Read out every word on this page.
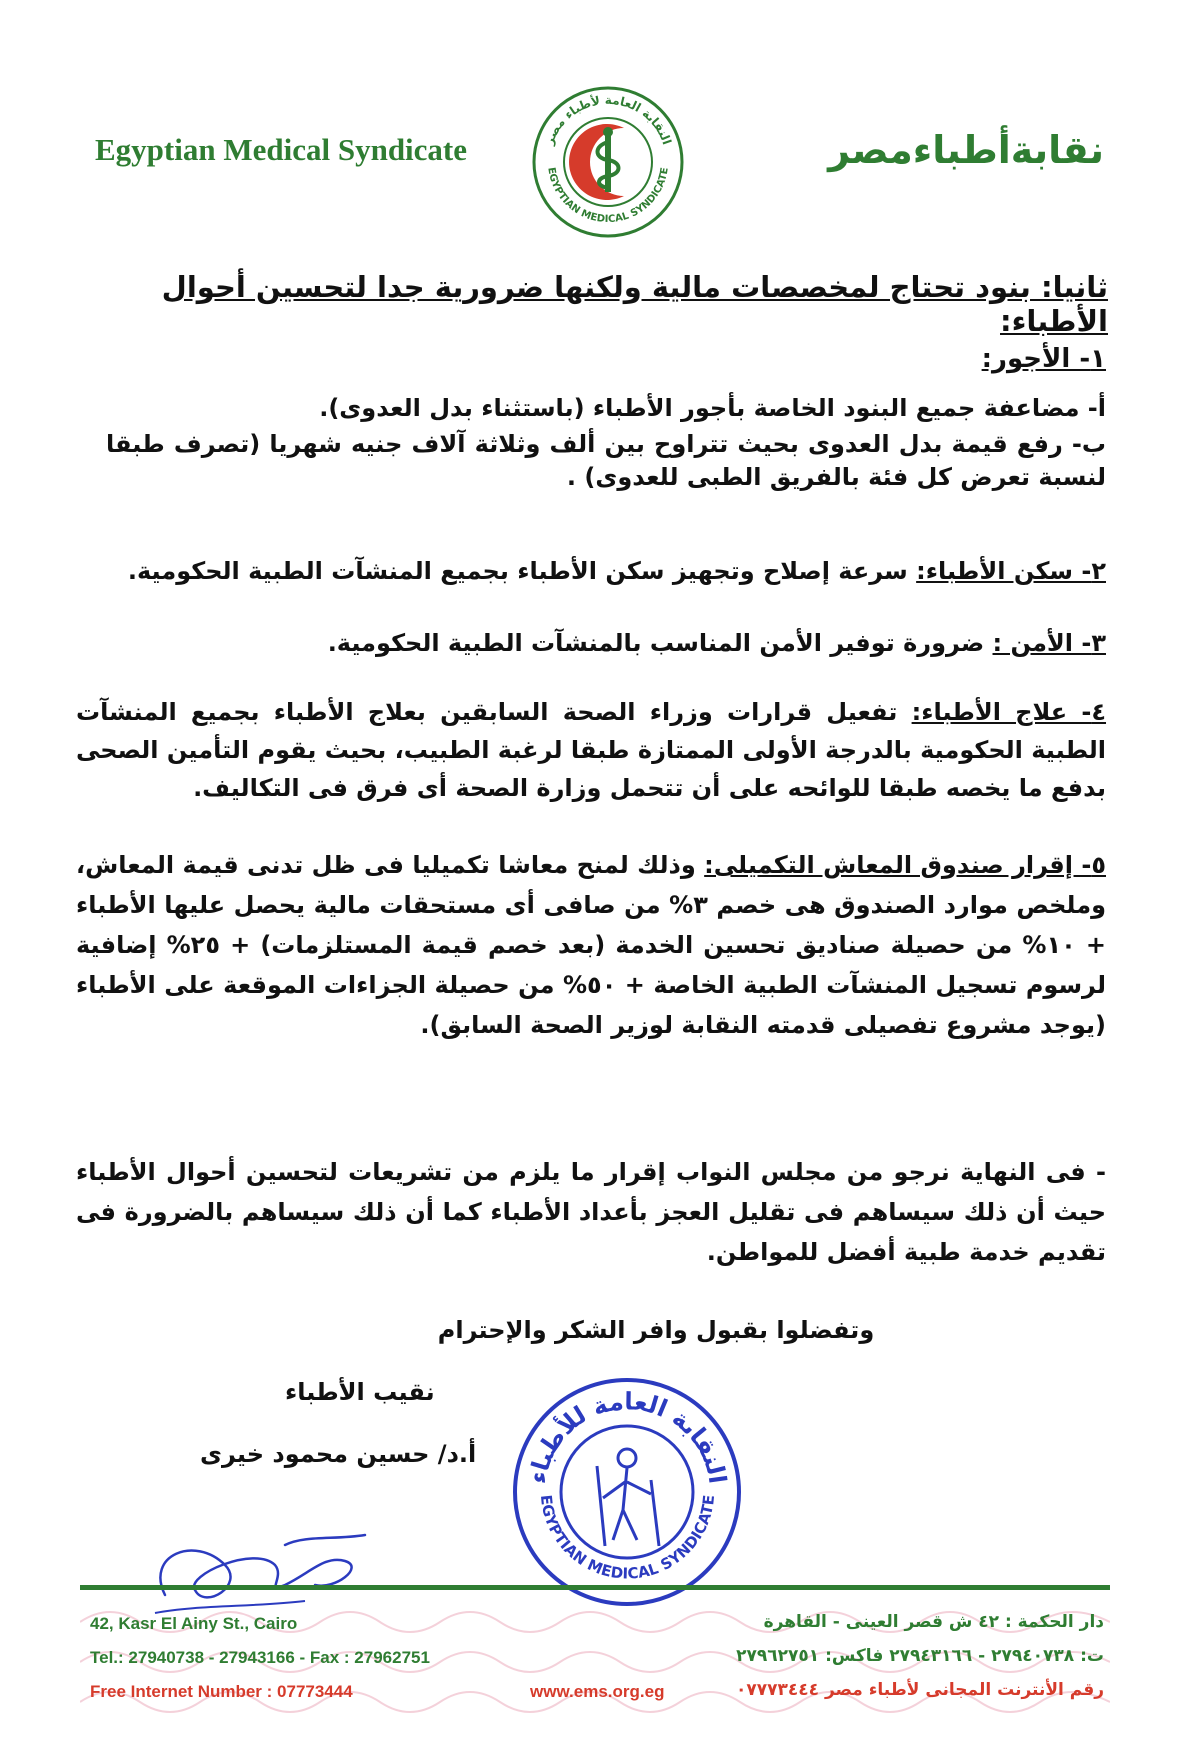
Egyptian Medical Syndicate	النقابة العامة لأطباء مصر
EGYPTIAN MEDICAL SYNDICATE	نقابةأطباءمصر
ثانيا: بنود تحتاج لمخصصات مالية ولكنها ضرورية جدا لتحسين أحوال الأطباء:
١- الأجور:
أ- مضاعفة جميع البنود الخاصة بأجور الأطباء (باستثناء بدل العدوى).
ب- رفع قيمة بدل العدوى بحيث تتراوح بين ألف وثلاثة آلاف جنيه شهريا (تصرف طبقا لنسبة تعرض كل فئة بالفريق الطبى للعدوى) .
٢- سكن الأطباء: سرعة إصلاح وتجهيز سكن الأطباء بجميع المنشآت الطبية الحكومية.
٣- الأمن : ضرورة توفير الأمن المناسب بالمنشآت الطبية الحكومية.
٤- علاج الأطباء: تفعيل قرارات وزراء الصحة السابقين بعلاج الأطباء بجميع المنشآت الطبية الحكومية بالدرجة الأولى الممتازة طبقا لرغبة الطبيب، بحيث يقوم التأمين الصحى بدفع ما يخصه طبقا للوائحه على أن تتحمل وزارة الصحة أى فرق فى التكاليف.
٥- إقرار صندوق المعاش التكميلى: وذلك لمنح معاشا تكميليا فى ظل تدنى قيمة المعاش، وملخص موارد الصندوق هى خصم ٣% من صافى أى مستحقات مالية يحصل عليها الأطباء + ١٠% من حصيلة صناديق تحسين الخدمة (بعد خصم قيمة المستلزمات) + ٢٥% إضافية لرسوم تسجيل المنشآت الطبية الخاصة + ٥٠% من حصيلة الجزاءات الموقعة على الأطباء (يوجد مشروع تفصيلى قدمته النقابة لوزير الصحة السابق).
- فى النهاية نرجو من مجلس النواب إقرار ما يلزم من تشريعات لتحسين أحوال الأطباء حيث أن ذلك سيساهم فى تقليل العجز بأعداد الأطباء كما أن ذلك سيساهم بالضرورة فى تقديم خدمة طبية أفضل للمواطن.
وتفضلوا بقبول وافر الشكر والإحترام
نقيب الأطباء
أ.د/ حسين محمود خيرى
النقابة العامة للأطباء
EGYPTIAN MEDICAL SYNDICATE
42, Kasr El Ainy St., Cairo
Tel.: 27940738 - 27943166 - Fax : 27962751
Free Internet Number : 07773444	www.ems.org.eg
دار الحكمة : ٤٢ ش قصر العينى - القاهرة
ت: ٢٧٩٤٠٧٣٨ - ٢٧٩٤٣١٦٦ فاكس: ٢٧٩٦٢٧٥١
رقم الأنترنت المجانى لأطباء مصر ٠٧٧٧٣٤٤٤
